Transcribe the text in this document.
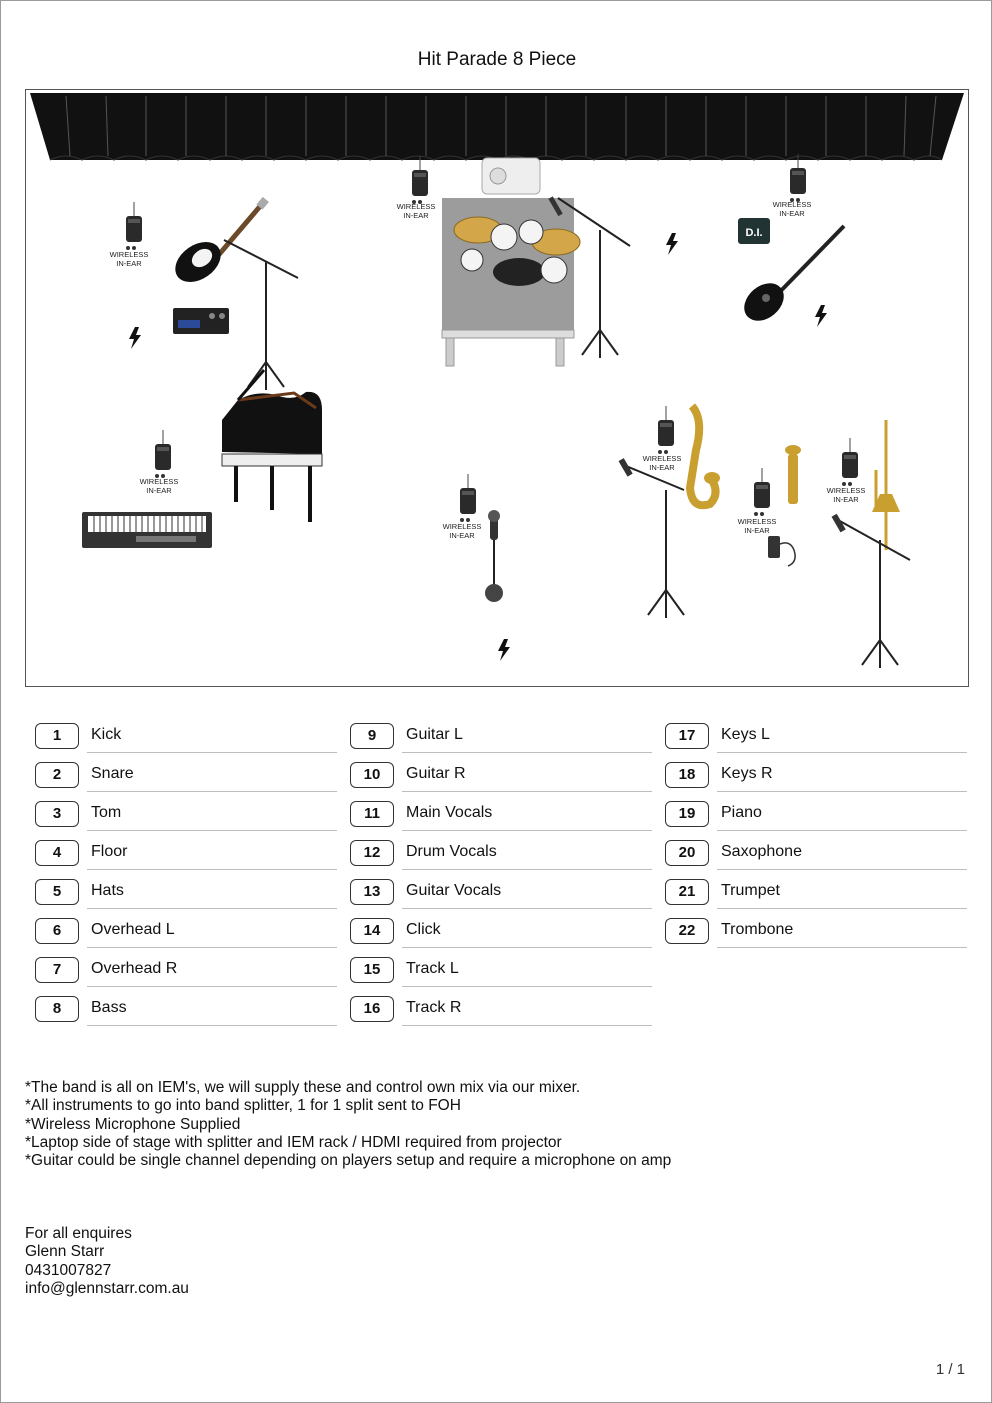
Hit Parade 8 Piece
WIRELESS
IN-EAR
WIRELESS
IN-EAR
WIRELESS
IN-EAR
WIRELESS
IN-EAR
WIRELESS
IN-EAR
WIRELESS
IN-EAR
WIRELESS
IN-EAR
WIRELESS
IN-EAR
D.I.
1	Kick
2	Snare
3	Tom
4	Floor
5	Hats
6	Overhead L
7	Overhead R
8	Bass
9	Guitar L
10	Guitar R
11	Main Vocals
12	Drum Vocals
13	Guitar Vocals
14	Click
15	Track L
16	Track R
17	Keys L
18	Keys R
19	Piano
20	Saxophone
21	Trumpet
22	Trombone
*The band is all on IEM's, we will supply these and control own mix via our mixer.
*All instruments to go into band splitter, 1 for 1 split sent to FOH
*Wireless Microphone Supplied
*Laptop side of stage with splitter and IEM rack / HDMI required from projector
*Guitar could be single channel depending on players setup and require a microphone on amp
For all enquires
Glenn Starr
0431007827
info@glennstarr.com.au
1 / 1
